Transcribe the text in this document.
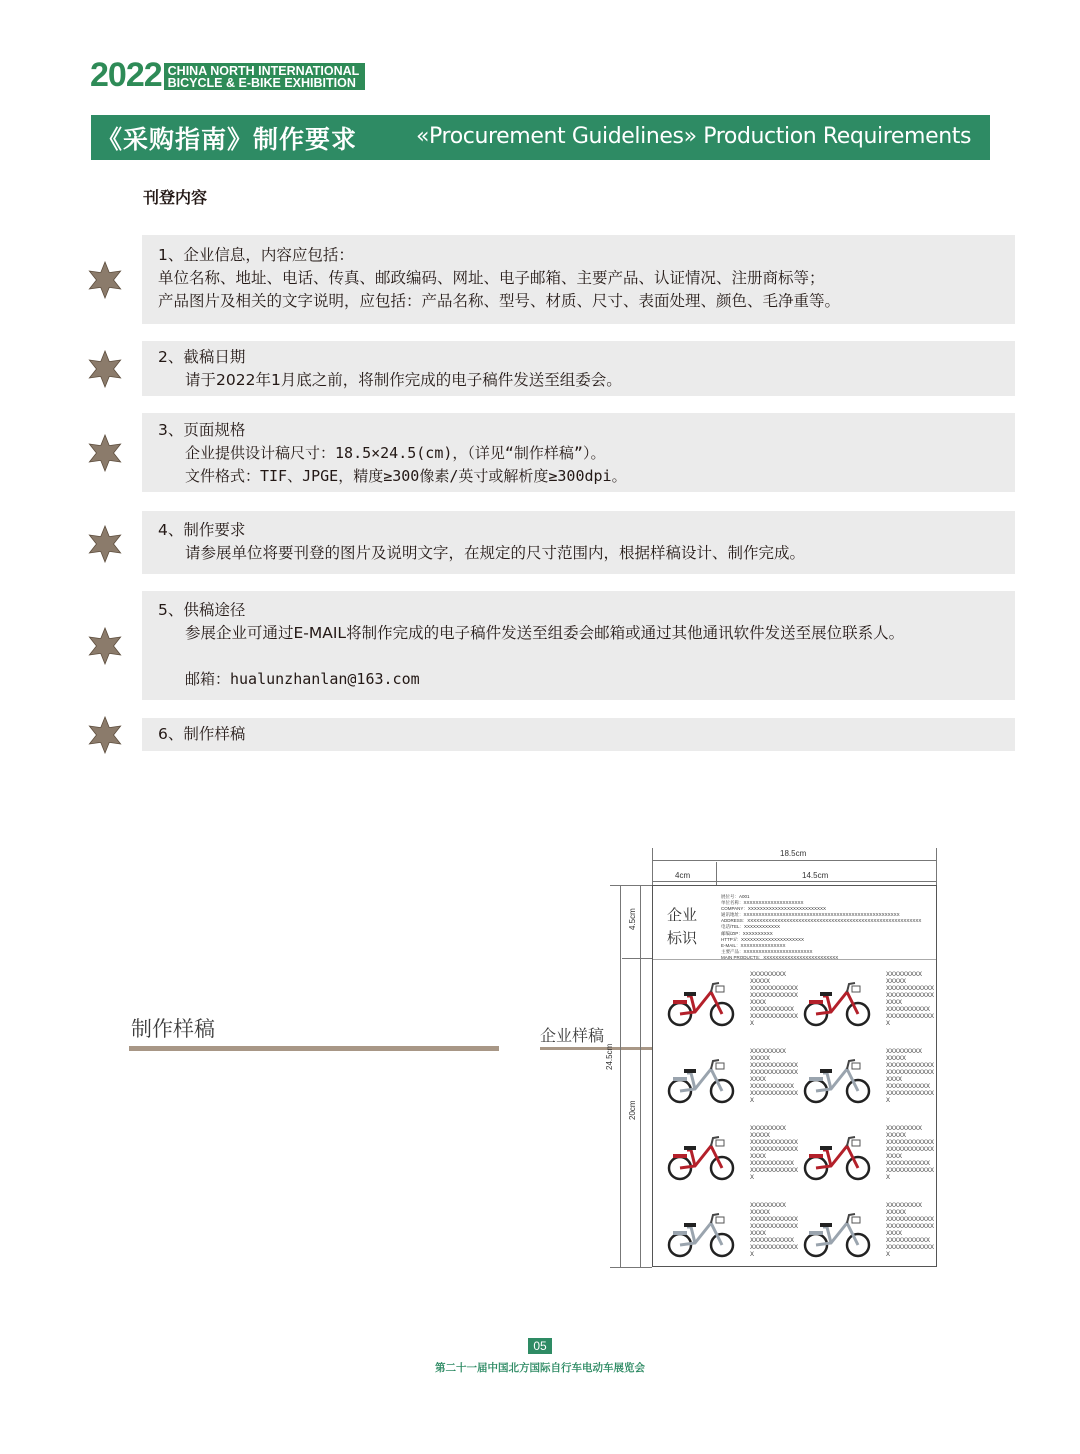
2022 CHINA NORTH INTERNATIONAL
BICYCLE & E-BIKE EXHIBITION
《采购指南》制作要求	«Procurement Guidelines» Production Requirements
刊登内容
1、企业信息，内容应包括：
单位名称、地址、电话、传真、邮政编码、网址、电子邮箱、主要产品、认证情况、注册商标等；
产品图片及相关的文字说明，应包括：产品名称、型号、材质、尺寸、表面处理、颜色、毛净重等。
2、截稿日期
请于2022年1月底之前，将制作完成的电子稿件发送至组委会。
3、页面规格
企业提供设计稿尺寸：18.5×24.5(cm)，（详见“制作样稿”）。
文件格式：TIF、JPGE，精度≥300像素/英寸或解析度≥300dpi。
4、制作要求
请参展单位将要刊登的图片及说明文字，在规定的尺寸范围内，根据样稿设计、制作完成。
5、供稿途径
参展企业可通过E-MAIL将制作完成的电子稿件发送至组委会邮箱或通过其他通讯软件发送至展位联系人。
邮箱：hualunzhanlan@163.com
6、制作样稿
制作样稿	企业样稿
18.5cm
4cm	14.5cm
24.5cm
4.5cm
20cm
企业
标识
展位号：A001
单位名称：XXXXXXXXXXXXXXXXXXXX
COMPANY：XXXXXXXXXXXXXXXXXXXXXXXXXX
通讯地址：XXXXXXXXXXXXXXXXXXXXXXXXXXXXXXXXXXXXXXXXXXXXXXXXXXXX
ADDRESS：XXXXXXXXXXXXXXXXXXXXXXXXXXXXXXXXXXXXXXXXXXXXXXXXXXXXXXXXXX
电话/TEL：XXXXXXXXXXXX
邮编/ZIP：XXXXXXXXXX
HTTP://：XXXXXXXXXXXXXXXXXXXXX
E-MAIL：XXXXXXXXXXXXXXX
主要产品：XXXXXXXXXXXXXXXXXXXXXXX
MAIN PRODUCTS：XXXXXXXXXXXXXXXXXXXXXXXXX
XXXXXXXXX
XXXXX
XXXXXXXXXXXX
XXXXXXXXXXXX
XXXX
XXXXXXXXXXX
XXXXXXXXXXXX
X
XXXXXXXXX
XXXXX
XXXXXXXXXXXX
XXXXXXXXXXXX
XXXX
XXXXXXXXXXX
XXXXXXXXXXXX
X
XXXXXXXXX
XXXXX
XXXXXXXXXXXX
XXXXXXXXXXXX
XXXX
XXXXXXXXXXX
XXXXXXXXXXXX
X
XXXXXXXXX
XXXXX
XXXXXXXXXXXX
XXXXXXXXXXXX
XXXX
XXXXXXXXXXX
XXXXXXXXXXXX
X
XXXXXXXXX
XXXXX
XXXXXXXXXXXX
XXXXXXXXXXXX
XXXX
XXXXXXXXXXX
XXXXXXXXXXXX
X
XXXXXXXXX
XXXXX
XXXXXXXXXXXX
XXXXXXXXXXXX
XXXX
XXXXXXXXXXX
XXXXXXXXXXXX
X
XXXXXXXXX
XXXXX
XXXXXXXXXXXX
XXXXXXXXXXXX
XXXX
XXXXXXXXXXX
XXXXXXXXXXXX
X
XXXXXXXXX
XXXXX
XXXXXXXXXXXX
XXXXXXXXXXXX
XXXX
XXXXXXXXXXX
XXXXXXXXXXXX
X
05
第二十一届中国北方国际自行车电动车展览会
